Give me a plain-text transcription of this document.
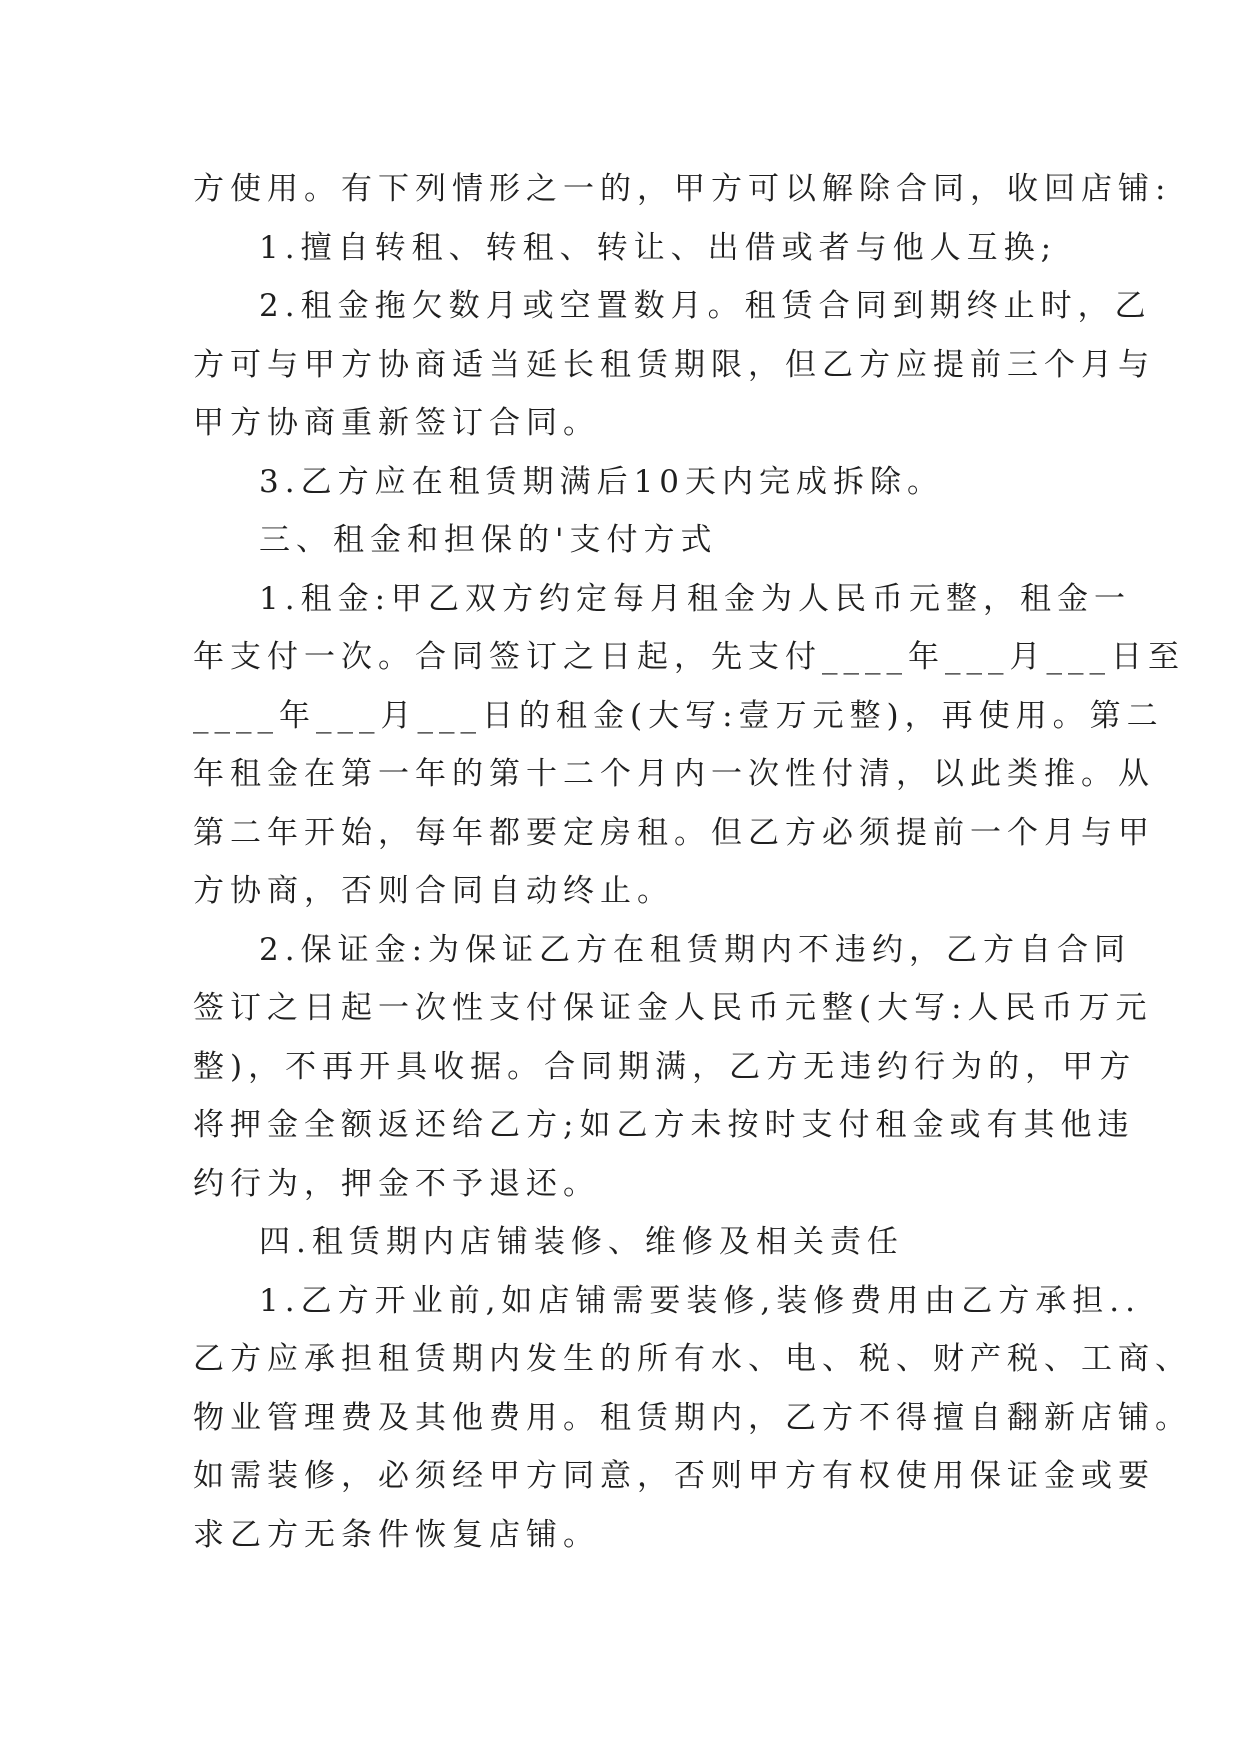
方使用。有下列情形之一的，甲方可以解除合同，收回店铺:
1.擅自转租、转租、转让、出借或者与他人互换;
2.租金拖欠数月或空置数月。租赁合同到期终止时，乙
方可与甲方协商适当延长租赁期限，但乙方应提前三个月与
甲方协商重新签订合同。
3.乙方应在租赁期满后10天内完成拆除。
三、租金和担保的'支付方式
1.租金:甲乙双方约定每月租金为人民币元整，租金一
年支付一次。合同签订之日起，先支付____年___月___日至
____年___月___日的租金(大写:壹万元整)，再使用。第二
年租金在第一年的第十二个月内一次性付清，以此类推。从
第二年开始，每年都要定房租。但乙方必须提前一个月与甲
方协商，否则合同自动终止。
2.保证金:为保证乙方在租赁期内不违约，乙方自合同
签订之日起一次性支付保证金人民币元整(大写:人民币万元
整)，不再开具收据。合同期满，乙方无违约行为的，甲方
将押金全额返还给乙方;如乙方未按时支付租金或有其他违
约行为，押金不予退还。
四.租赁期内店铺装修、维修及相关责任
1.乙方开业前,如店铺需要装修,装修费用由乙方承担..
乙方应承担租赁期内发生的所有水、电、税、财产税、工商、
物业管理费及其他费用。租赁期内，乙方不得擅自翻新店铺。
如需装修，必须经甲方同意，否则甲方有权使用保证金或要
求乙方无条件恢复店铺。
